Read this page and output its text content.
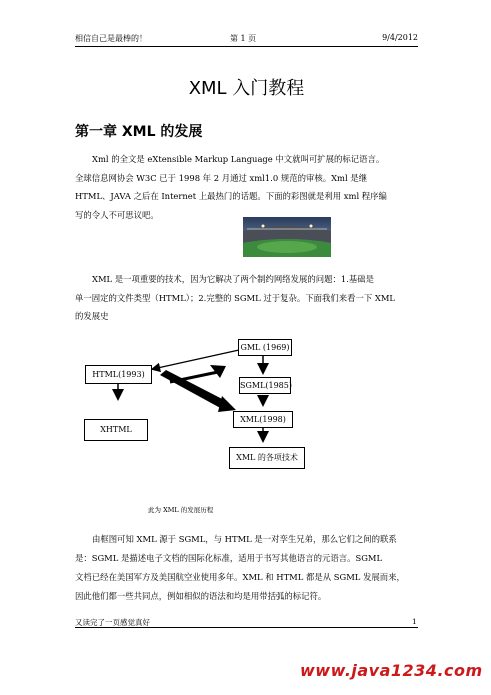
相信自己是最棒的！	第 1 页	9/4/2012
XML 入门教程
第一章 XML 的发展
Xml 的全文是 eXtensible Markup Language 中文就叫可扩展的标记语言。
全球信息网协会 W3C 已于 1998 年 2 月通过 xml1.0 规范的审核。Xml 是继
HTML、JAVA 之后在 Internet 上最热门的话题。下面的彩图就是利用 xml 程序编
写的令人不可思议吧。
XML 是一项重要的技术，因为它解决了两个制约网络发展的问题：1.基础是
单一固定的文件类型（HTML）；2.完整的 SGML 过于复杂。下面我们来看一下 XML
的发展史
GML (1969)
SGML(1985)
XML(1998)
XML 的各项技术
HTML(1993)
XHTML
此为 XML 的发展历程
由框图可知 XML 源于 SGML，与 HTML 是一对孪生兄弟，那么它们之间的联系
是：SGML 是描述电子文档的国际化标准，适用于书写其他语言的元语言。SGML
文档已经在美国军方及美国航空业使用多年。XML 和 HTML 都是从 SGML 发展而来，
因此他们都一些共同点，例如相似的语法和均是用带括弧的标记符。
又读完了一页感觉真好	1
www.java1234.com
